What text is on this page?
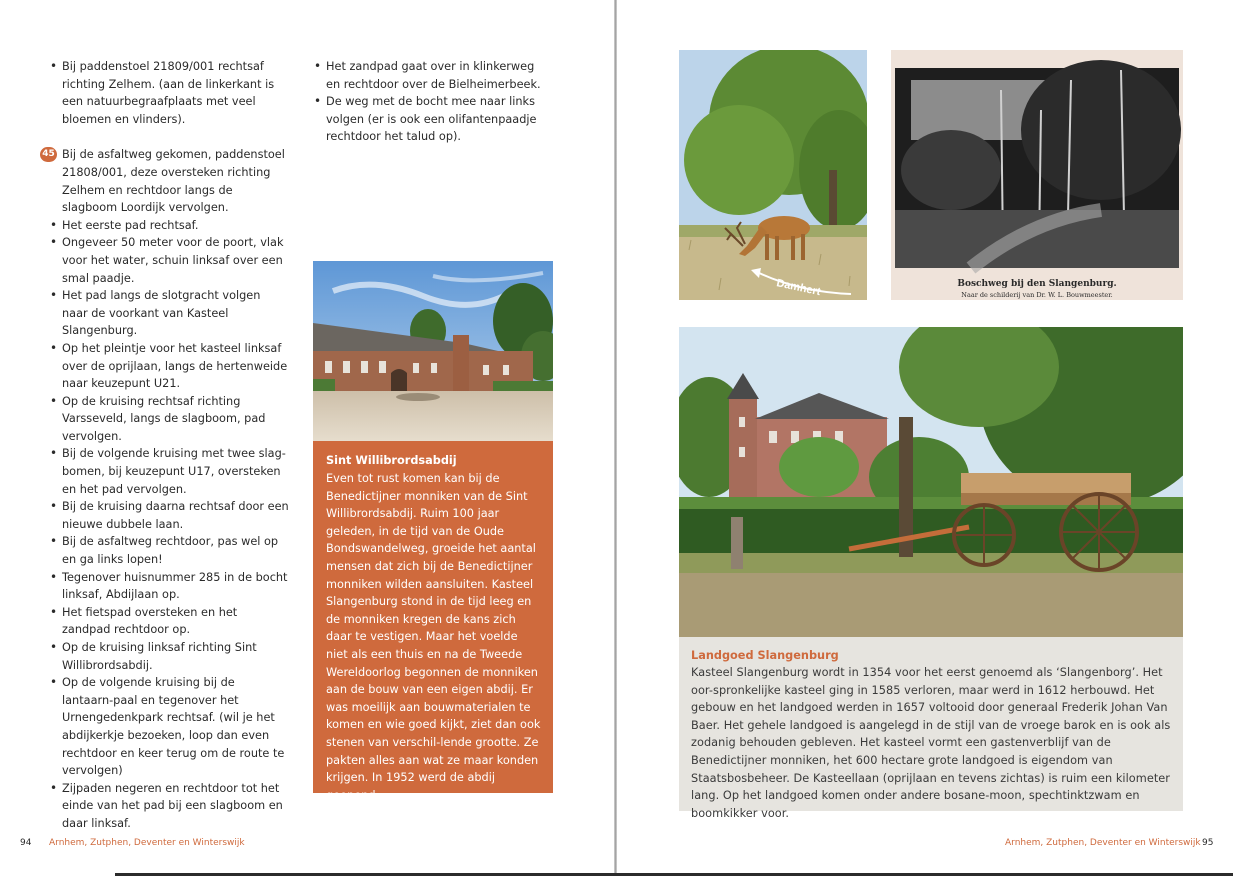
• Bij paddenstoel 21809/001 rechtsaf richting Zelhem. (aan de linkerkant is een natuurbegraafplaats met veel bloemen en vlinders).
45 Bij de asfaltweg gekomen, paddenstoel 21808/001, deze oversteken richting Zelhem en rechtdoor langs de slagboom Loordijk vervolgen.
• Het eerste pad rechtsaf.
• Ongeveer 50 meter voor de poort, vlak voor het water, schuin linksaf over een smal paadje.
• Het pad langs de slotgracht volgen naar de voorkant van Kasteel Slangenburg.
• Op het pleintje voor het kasteel linksaf over de oprijlaan, langs de hertenweide naar keuzepunt U21.
• Op de kruising rechtsaf richting Varsseveld, langs de slagboom, pad vervolgen.
• Bij de volgende kruising met twee slag-bomen, bij keuzepunt U17, oversteken en het pad vervolgen.
• Bij de kruising daarna rechtsaf door een nieuwe dubbele laan.
• Bij de asfaltweg rechtdoor, pas wel op en ga links lopen!
• Tegenover huisnummer 285 in de bocht linksaf, Abdijlaan op.
• Het fietspad oversteken en het zandpad rechtdoor op.
• Op de kruising linksaf richting Sint Willibrordsabdij.
• Op de volgende kruising bij de lantaarn-paal en tegenover het Urnengedenkpark rechtsaf. (wil je het abdijkerkje bezoeken, loop dan even rechtdoor en keer terug om de route te vervolgen)
• Zijpaden negeren en rechtdoor tot het einde van het pad bij een slagboom en daar linksaf.
• Het zandpad gaat over in klinkerweg en rechtdoor over de Bielheimerbeek.
• De weg met de bocht mee naar links volgen (er is ook een olifantenpaadje rechtdoor het talud op).
Sint Willibrordsabdij
Even tot rust komen kan bij de Benedictijner monniken van de Sint Willibrordsabdij. Ruim 100 jaar geleden, in de tijd van de Oude Bondswandelweg, groeide het aantal mensen dat zich bij de Benedictijner monniken wilden aansluiten. Kasteel Slangenburg stond in de tijd leeg en de monniken kregen de kans zich daar te vestigen. Maar het voelde niet als een thuis en na de Tweede Wereldoorlog begonnen de monniken aan de bouw van een eigen abdij. Er was moeilijk aan bouwmaterialen te komen en wie goed kijkt, ziet dan ook stenen van verschil-lende grootte. Ze pakten alles aan wat ze maar konden krijgen. In 1952 werd de abdij geopend.
94 Arnhem, Zutphen, Deventer en Winterswijk
Damhert	Boschweg bij den Slangenburg.
Naar de schilderij van Dr. W. L. Bouwmeester.
Landgoed Slangenburg
Kasteel Slangenburg wordt in 1354 voor het eerst genoemd als ‘Slangenborg’. Het oor-spronkelijke kasteel ging in 1585 verloren, maar werd in 1612 herbouwd. Het gebouw en het landgoed werden in 1657 voltooid door generaal Frederik Johan Van Baer. Het gehele landgoed is aangelegd in de stijl van de vroege barok en is ook als zodanig behouden gebleven. Het kasteel vormt een gastenverblijf van de Benedictijner monniken, het 600 hectare grote landgoed is eigendom van Staatsbosbeheer. De Kasteellaan (oprijlaan en tevens zichtas) is ruim een kilometer lang. Op het landgoed komen onder andere bosane-moon, spechtinktzwam en boomkikker voor.
Arnhem, Zutphen, Deventer en Winterswijk 95
